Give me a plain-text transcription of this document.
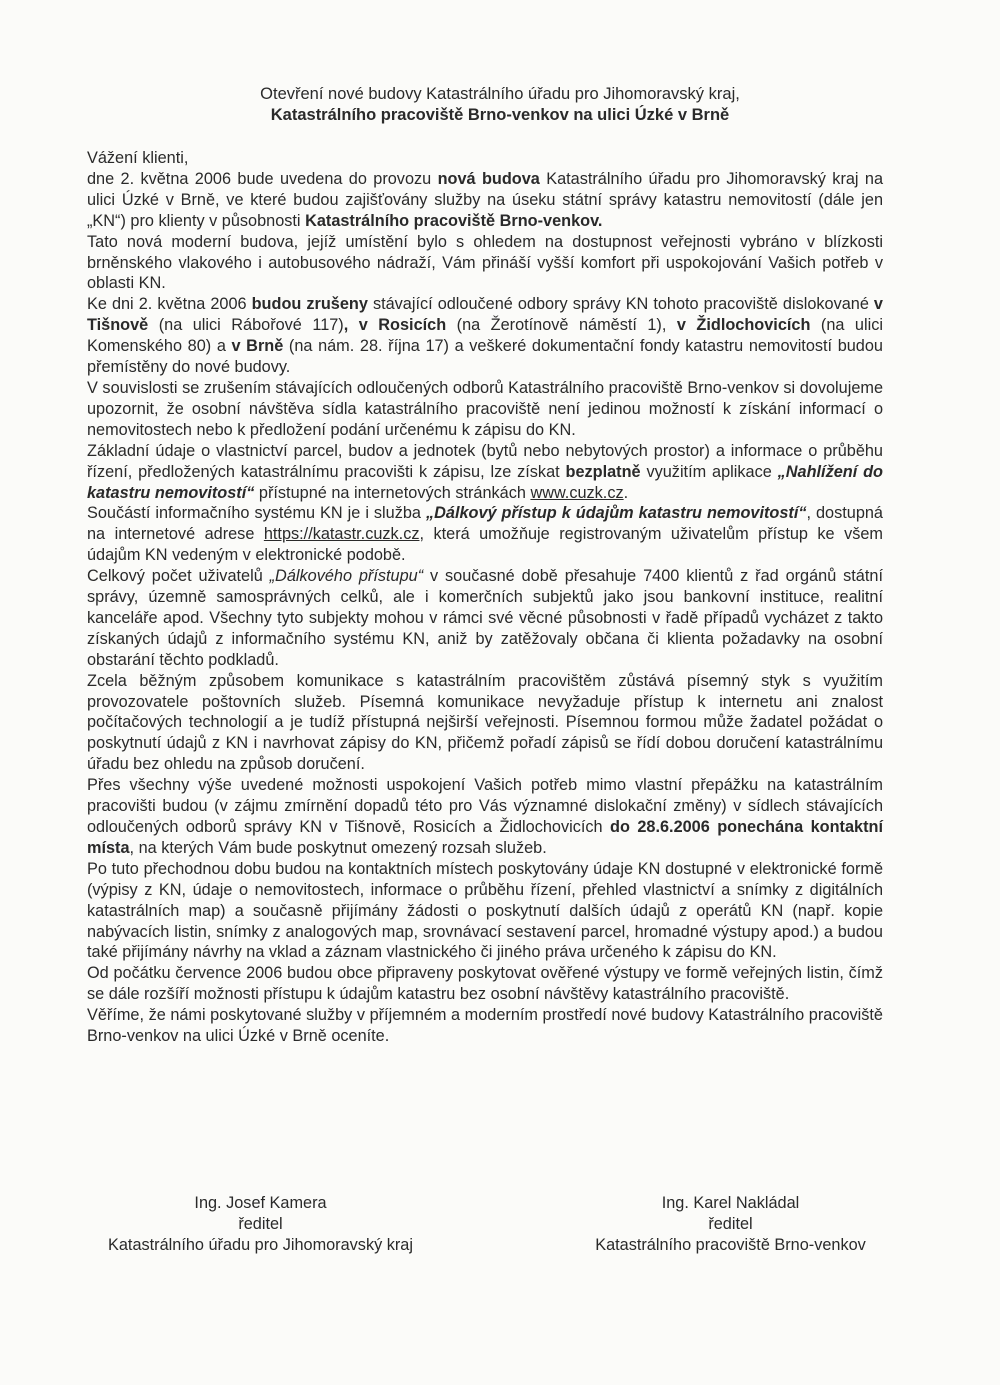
Otevření nové budovy Katastrálního úřadu pro Jihomoravský kraj,
Katastrálního pracoviště Brno-venkov na ulici Úzké v Brně

Vážení klienti,

dne 2. května 2006 bude uvedena do provozu nová budova Katastrálního úřadu pro Jihomoravský kraj na ulici Úzké v Brně, ve které budou zajišťovány služby na úseku státní správy katastru nemovitostí (dále jen „KN“) pro klienty v působnosti Katastrálního pracoviště Brno-venkov.

Tato nová moderní budova, jejíž umístění bylo s ohledem na dostupnost veřejnosti vybráno v blízkosti brněnského vlakového i autobusového nádraží, Vám přináší vyšší komfort při uspokojování Vašich potřeb v oblasti KN.

Ke dni 2. května 2006 budou zrušeny stávající odloučené odbory správy KN tohoto pracoviště dislokované v Tišnově (na ulici Rábořové 117), v Rosicích (na Žerotínově náměstí 1), v Židlochovicích (na ulici Komenského 80) a v Brně (na nám. 28. října 17) a veškeré dokumentační fondy katastru nemovitostí budou přemístěny do nové budovy.

V souvislosti se zrušením stávajících odloučených odborů Katastrálního pracoviště Brno-venkov si dovolujeme upozornit, že osobní návštěva sídla katastrálního pracoviště není jedinou možností k získání informací o nemovitostech nebo k předložení podání určenému k zápisu do KN.

Základní údaje o vlastnictví parcel, budov a jednotek (bytů nebo nebytových prostor) a informace o průběhu řízení, předložených katastrálnímu pracovišti k zápisu, lze získat bezplatně využitím aplikace „Nahlížení do katastru nemovitostí“ přístupné na internetových stránkách www.cuzk.cz.

Součástí informačního systému KN je i služba „Dálkový přístup k údajům katastru nemovitostí“, dostupná na internetové adrese https://katastr.cuzk.cz, která umožňuje registrovaným uživatelům přístup ke všem údajům KN vedeným v elektronické podobě.

Celkový počet uživatelů „Dálkového přístupu“ v současné době přesahuje 7400 klientů z řad orgánů státní správy, územně samosprávných celků, ale i komerčních subjektů jako jsou bankovní instituce, realitní kanceláře apod. Všechny tyto subjekty mohou v rámci své věcné působnosti v řadě případů vycházet z takto získaných údajů z informačního systému KN, aniž by zatěžovaly občana či klienta požadavky na osobní obstarání těchto podkladů.

Zcela běžným způsobem komunikace s katastrálním pracovištěm zůstává písemný styk s využitím provozovatele poštovních služeb. Písemná komunikace nevyžaduje přístup k internetu ani znalost počítačových technologií a je tudíž přístupná nejširší veřejnosti. Písemnou formou může žadatel požádat o poskytnutí údajů z KN i navrhovat zápisy do KN, přičemž pořadí zápisů se řídí dobou doručení katastrálnímu úřadu bez ohledu na způsob doručení.

Přes všechny výše uvedené možnosti uspokojení Vašich potřeb mimo vlastní přepážku na katastrálním pracovišti budou (v zájmu zmírnění dopadů této pro Vás významné dislokační změny) v sídlech stávajících odloučených odborů správy KN v Tišnově, Rosicích a Židlochovicích do 28.6.2006 ponechána kontaktní místa, na kterých Vám bude poskytnut omezený rozsah služeb.

Po tuto přechodnou dobu budou na kontaktních místech poskytovány údaje KN dostupné v elektronické formě (výpisy z KN, údaje o nemovitostech, informace o průběhu řízení, přehled vlastnictví a snímky z digitálních katastrálních map) a současně přijímány žádosti o poskytnutí dalších údajů z operátů KN (např. kopie nabývacích listin, snímky z analogových map, srovnávací sestavení parcel, hromadné výstupy apod.) a budou také přijímány návrhy na vklad a záznam vlastnického či jiného práva určeného k zápisu do KN.

Od počátku července 2006 budou obce připraveny poskytovat ověřené výstupy ve formě veřejných listin, čímž se dále rozšíří možnosti přístupu k údajům katastru bez osobní návštěvy katastrálního pracoviště.

Věříme, že námi poskytované služby v příjemném a moderním prostředí nové budovy Katastrálního pracoviště Brno-venkov na ulici Úzké v Brně oceníte.

Ing. Josef Kamera
ředitel
Katastrálního úřadu pro Jihomoravský kraj
Ing. Karel Nakládal
ředitel
Katastrálního pracoviště Brno-venkov
